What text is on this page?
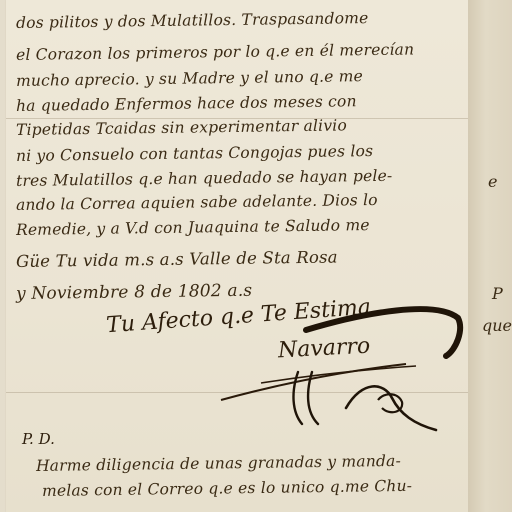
dos pilitos y dos Mulatillos. Traspasandome
el Corazon los primeros por lo q.e en él merecían
mucho aprecio. y su Madre y el uno q.e me
ha quedado Enfermos hace dos meses con
Tipetidas Tcaidas sin experimentar alivio
ni yo Consuelo con tantas Congojas pues los
tres Mulatillos q.e han quedado se hayan pele-
ando la Correa aquien sabe adelante. Dios lo
Remedie, y a V.d con Juaquina te Saludo me
Güe Tu vida m.s a.s Valle de Sta Rosa
y Noviembre 8 de 1802 a.s
Tu Afecto q.e Te Estima
Navarro
P. D.
Harme diligencia de unas granadas y manda-
melas con el Correo q.e es lo unico q.me Chu-
e
P
que
